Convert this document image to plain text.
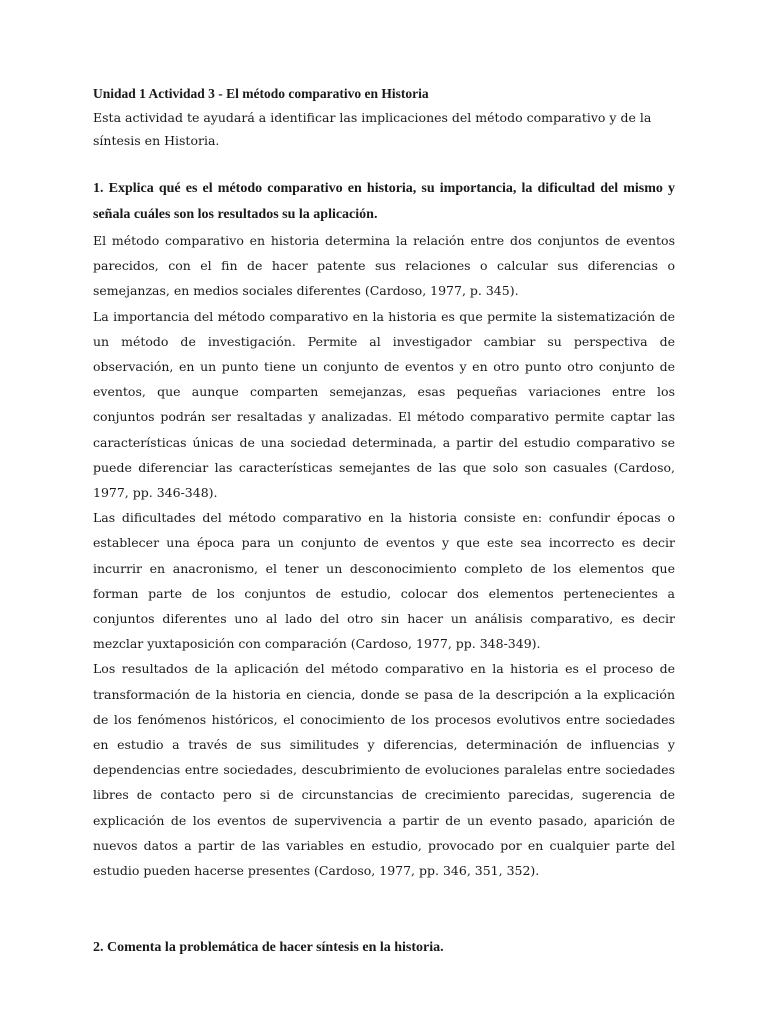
Unidad 1 Actividad 3 - El método comparativo en Historia

Esta actividad te ayudará a identificar las implicaciones del método comparativo y de la síntesis en Historia.

1. Explica qué es el método comparativo en historia, su importancia, la dificultad del mismo y señala cuáles son los resultados su la aplicación.

El método comparativo en historia determina la relación entre dos conjuntos de eventos parecidos, con el fin de hacer patente sus relaciones o calcular sus diferencias o semejanzas, en medios sociales diferentes (Cardoso, 1977, p. 345).

La importancia del método comparativo en la historia es que permite la sistematización de un método de investigación. Permite al investigador cambiar su perspectiva de observación, en un punto tiene un conjunto de eventos y en otro punto otro conjunto de eventos, que aunque comparten semejanzas, esas pequeñas variaciones entre los conjuntos podrán ser resaltadas y analizadas. El método comparativo permite captar las características únicas de una sociedad determinada, a partir del estudio comparativo se puede diferenciar las características semejantes de las que solo son casuales (Cardoso, 1977, pp. 346-348).

Las dificultades del método comparativo en la historia consiste en: confundir épocas o establecer una época para un conjunto de eventos y que este sea incorrecto es decir incurrir en anacronismo, el tener un desconocimiento completo de los elementos que forman parte de los conjuntos de estudio, colocar dos elementos pertenecientes a conjuntos diferentes uno al lado del otro sin hacer un análisis comparativo, es decir mezclar yuxtaposición con comparación (Cardoso, 1977, pp. 348-349).

Los resultados de la aplicación del método comparativo en la historia es el proceso de transformación de la historia en ciencia, donde se pasa de la descripción a la explicación de los fenómenos históricos, el conocimiento de los procesos evolutivos entre sociedades en estudio a través de sus similitudes y diferencias, determinación de influencias y dependencias entre sociedades, descubrimiento de evoluciones paralelas entre sociedades libres de contacto pero si de circunstancias de crecimiento parecidas, sugerencia de explicación de los eventos de supervivencia a partir de un evento pasado, aparición de nuevos datos a partir de las variables en estudio, provocado por en cualquier parte del estudio pueden hacerse presentes (Cardoso, 1977, pp. 346, 351, 352).

2. Comenta la problemática de hacer síntesis en la historia.
